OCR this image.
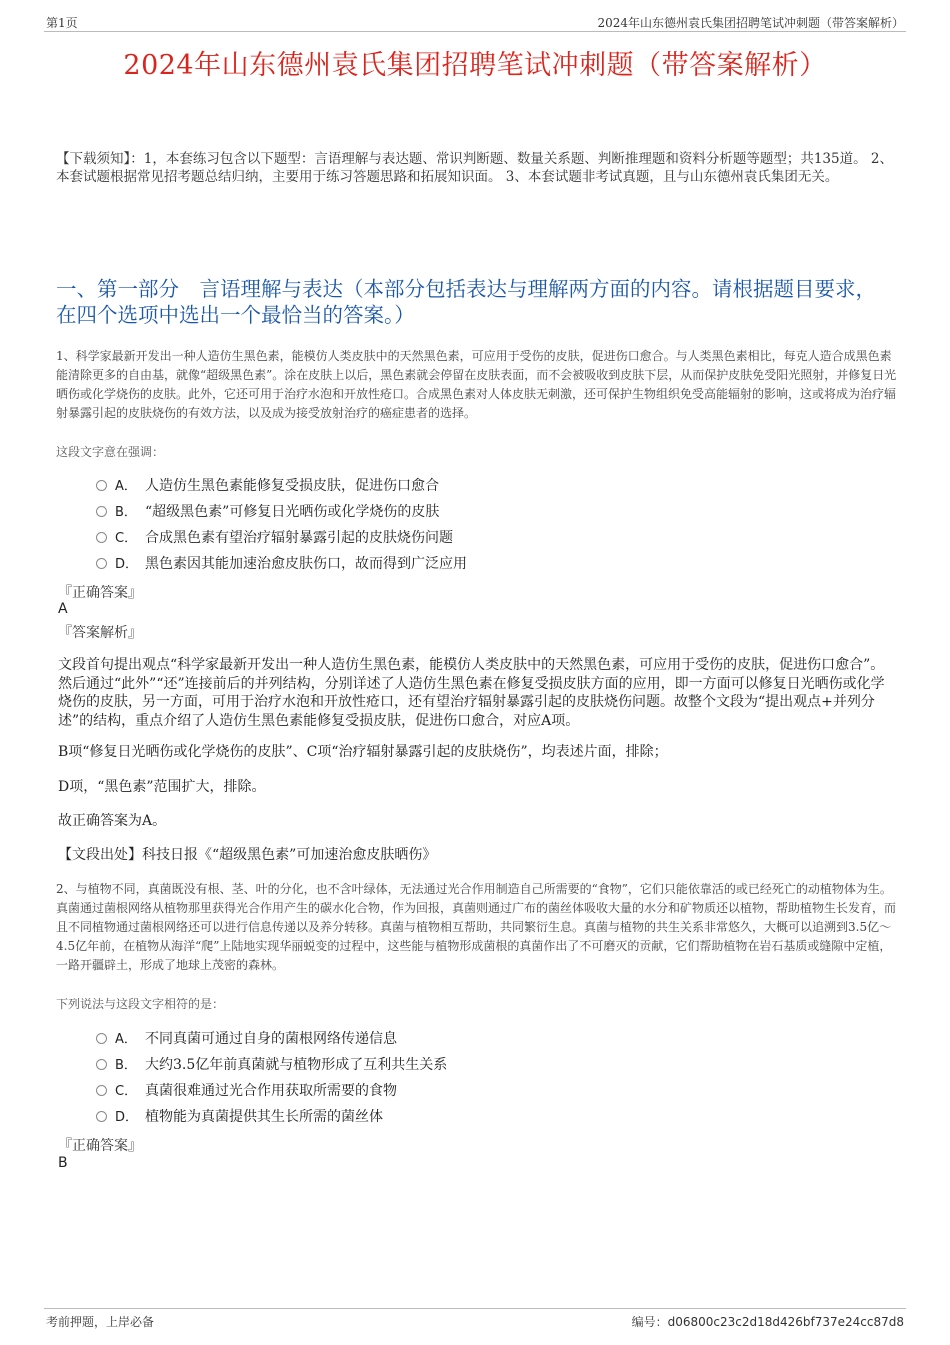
第1页	2024年山东德州袁氏集团招聘笔试冲刺题（带答案解析）
2024年山东德州袁氏集团招聘笔试冲刺题（带答案解析）
【下载须知】：1，本套练习包含以下题型：言语理解与表达题、常识判断题、数量关系题、判断推理题和资料分析题等题型；共135道。 2、本套试题根据常见招考题总结归纳，主要用于练习答题思路和拓展知识面。 3、本套试题非考试真题，且与山东德州袁氏集团无关。
一、第一部分　言语理解与表达（本部分包括表达与理解两方面的内容。请根据题目要求，在四个选项中选出一个最恰当的答案。）
1、科学家最新开发出一种人造仿生黑色素，能模仿人类皮肤中的天然黑色素，可应用于受伤的皮肤，促进伤口愈合。与人类黑色素相比，每克人造合成黑色素能清除更多的自由基，就像“超级黑色素”。涂在皮肤上以后，黑色素就会停留在皮肤表面，而不会被吸收到皮肤下层，从而保护皮肤免受阳光照射，并修复日光晒伤或化学烧伤的皮肤。此外，它还可用于治疗水泡和开放性疮口。合成黑色素对人体皮肤无刺激，还可保护生物组织免受高能辐射的影响，这或将成为治疗辐射暴露引起的皮肤烧伤的有效方法，以及成为接受放射治疗的癌症患者的选择。
这段文字意在强调：
A． 人造仿生黑色素能修复受损皮肤，促进伤口愈合
B． “超级黑色素”可修复日光晒伤或化学烧伤的皮肤
C． 合成黑色素有望治疗辐射暴露引起的皮肤烧伤问题
D． 黑色素因其能加速治愈皮肤伤口，故而得到广泛应用
『正确答案』
A
『答案解析』
文段首句提出观点“科学家最新开发出一种人造仿生黑色素，能模仿人类皮肤中的天然黑色素，可应用于受伤的皮肤，促进伤口愈合”。然后通过“此外”“还”连接前后的并列结构，分别详述了人造仿生黑色素在修复受损皮肤方面的应用，即一方面可以修复日光晒伤或化学烧伤的皮肤，另一方面，可用于治疗水泡和开放性疮口，还有望治疗辐射暴露引起的皮肤烧伤问题。故整个文段为“提出观点+并列分述”的结构，重点介绍了人造仿生黑色素能修复受损皮肤，促进伤口愈合，对应A项。
B项“修复日光晒伤或化学烧伤的皮肤”、C项“治疗辐射暴露引起的皮肤烧伤”，均表述片面，排除；
D项，“黑色素”范围扩大，排除。
故正确答案为A。
【文段出处】科技日报《“超级黑色素”可加速治愈皮肤晒伤》
2、与植物不同，真菌既没有根、茎、叶的分化，也不含叶绿体，无法通过光合作用制造自己所需要的“食物”，它们只能依靠活的或已经死亡的动植物体为生。真菌通过菌根网络从植物那里获得光合作用产生的碳水化合物，作为回报，真菌则通过广布的菌丝体吸收大量的水分和矿物质还以植物，帮助植物生长发育，而且不同植物通过菌根网络还可以进行信息传递以及养分转移。真菌与植物相互帮助，共同繁衍生息。真菌与植物的共生关系非常悠久，大概可以追溯到3.5亿～4.5亿年前，在植物从海洋“爬”上陆地实现华丽蜕变的过程中，这些能与植物形成菌根的真菌作出了不可磨灭的贡献，它们帮助植物在岩石基质或缝隙中定植，一路开疆辟土，形成了地球上茂密的森林。
下列说法与这段文字相符的是：
A． 不同真菌可通过自身的菌根网络传递信息
B． 大约3.5亿年前真菌就与植物形成了互利共生关系
C． 真菌很难通过光合作用获取所需要的食物
D． 植物能为真菌提供其生长所需的菌丝体
『正确答案』
B
考前押题，上岸必备	编号：d06800c23c2d18d426bf737e24cc87d8
